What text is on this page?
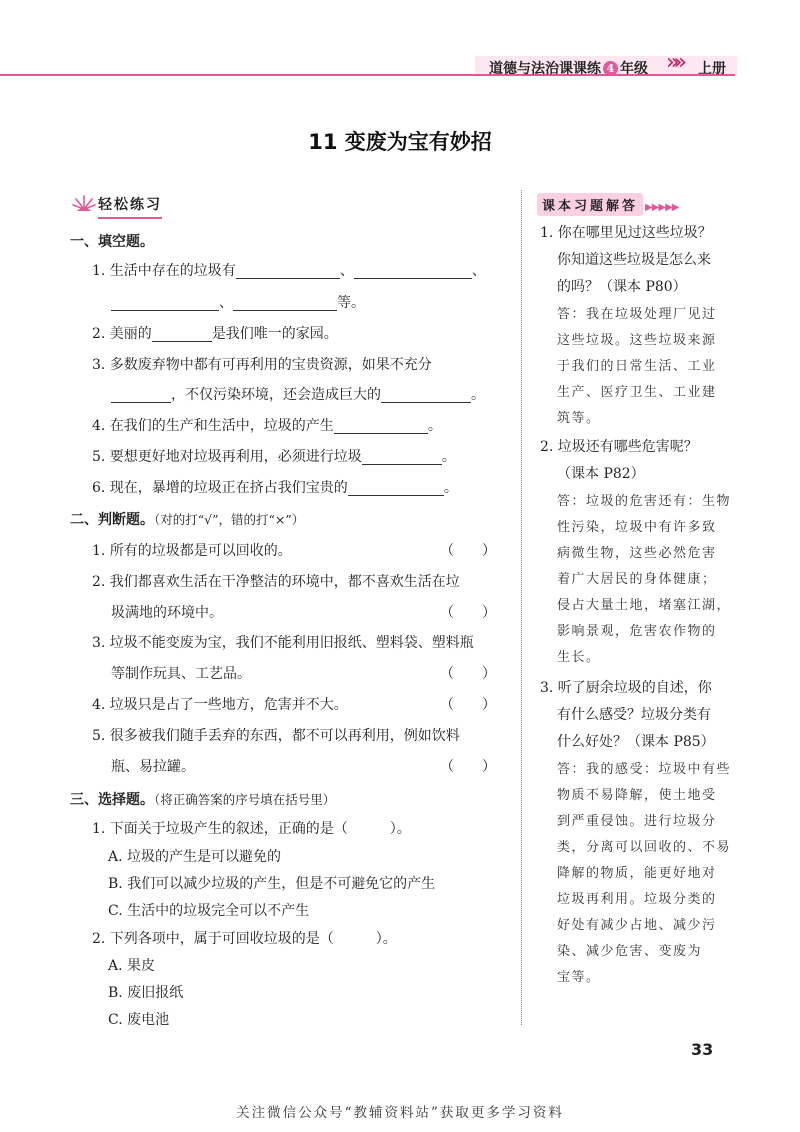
道德与法治课课练 4 年级 »» 上册
11 变废为宝有妙招
轻松练习
一、填空题。
1. 生活中存在的垃圾有	、	、
、	等。
2. 美丽的	是我们唯一的家园。
3. 多数废弃物中都有可再利用的宝贵资源，如果不充分
，不仅污染环境，还会造成巨大的	。
4. 在我们的生产和生活中，垃圾的产生	。
5. 要想更好地对垃圾再利用，必须进行垃圾	。
6. 现在，暴增的垃圾正在挤占我们宝贵的	。
二、判断题。（对的打“√”，错的打“×”）
1. 所有的垃圾都是可以回收的。	（　　）
2. 我们都喜欢生活在干净整洁的环境中，都不喜欢生活在垃
圾满地的环境中。	（　　）
3. 垃圾不能变废为宝，我们不能利用旧报纸、塑料袋、塑料瓶
等制作玩具、工艺品。	（　　）
4. 垃圾只是占了一些地方，危害并不大。	（　　）
5. 很多被我们随手丢弃的东西，都不可以再利用，例如饮料
瓶、易拉罐。	（　　）
三、选择题。（将正确答案的序号填在括号里）
1. 下面关于垃圾产生的叙述，正确的是（　　　）。
A. 垃圾的产生是可以避免的
B. 我们可以减少垃圾的产生，但是不可避免它的产生
C. 生活中的垃圾完全可以不产生
2. 下列各项中，属于可回收垃圾的是（　　　）。
A. 果皮
B. 废旧报纸
C. 废电池
课本习题解答 ▶▶▶▶▶
1. 你在哪里见过这些垃圾？
你知道这些垃圾是怎么来
的吗？（课本 P80）
答：我在垃圾处理厂见过
这些垃圾。这些垃圾来源
于我们的日常生活、工业
生产、医疗卫生、工业建
筑等。
2. 垃圾还有哪些危害呢？
（课本 P82）
答：垃圾的危害还有：生物
性污染，垃圾中有许多致
病微生物，这些必然危害
着广大居民的身体健康；
侵占大量土地，堵塞江湖，
影响景观，危害农作物的
生长。
3. 听了厨余垃圾的自述，你
有什么感受？垃圾分类有
什么好处？（课本 P85）
答：我的感受：垃圾中有些
物质不易降解，使土地受
到严重侵蚀。进行垃圾分
类，分离可以回收的、不易
降解的物质，能更好地对
垃圾再利用。垃圾分类的
好处有减少占地、减少污
染、减少危害、变废为
宝等。
33
关注微信公众号“教辅资料站”获取更多学习资料
